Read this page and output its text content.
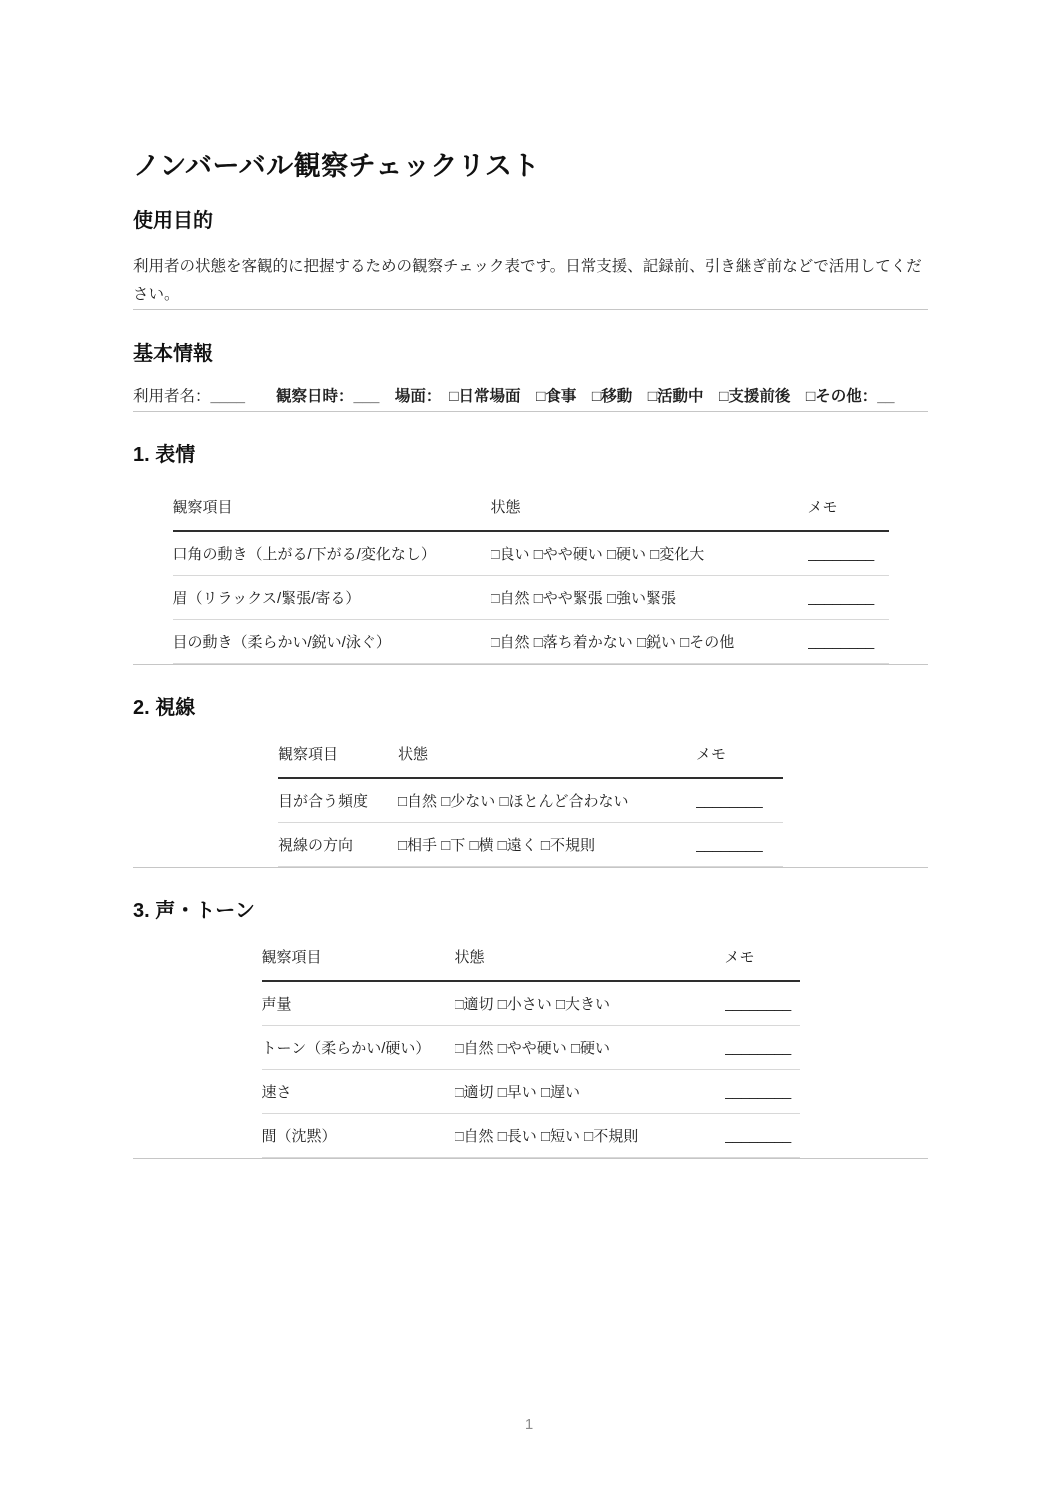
ノンバーバル観察チェックリスト
使用目的

利用者の状態を客観的に把握するための観察チェック表です。日常支援、記録前、引き継ぎ前などで活用してください。

基本情報

利用者名：____　　観察日時：___　場面：　□日常場面　□食事　□移動　□活動中　□支援前後　□その他：__

1. 表情
観察項目	状態	メモ
口角の動き（上がる/下がる/変化なし）	□良い □やや硬い □硬い □変化大	________
眉（リラックス/緊張/寄る）	□自然 □やや緊張 □強い緊張	________
目の動き（柔らかい/鋭い/泳ぐ）	□自然 □落ち着かない □鋭い □その他	________
2. 視線
観察項目	状態	メモ
目が合う頻度	□自然 □少ない □ほとんど合わない	________
視線の方向	□相手 □下 □横 □遠く □不規則	________
3. 声・トーン
観察項目	状態	メモ
声量	□適切 □小さい □大きい	________
トーン（柔らかい/硬い）	□自然 □やや硬い □硬い	________
速さ	□適切 □早い □遅い	________
間（沈黙）	□自然 □長い □短い □不規則	________
1
